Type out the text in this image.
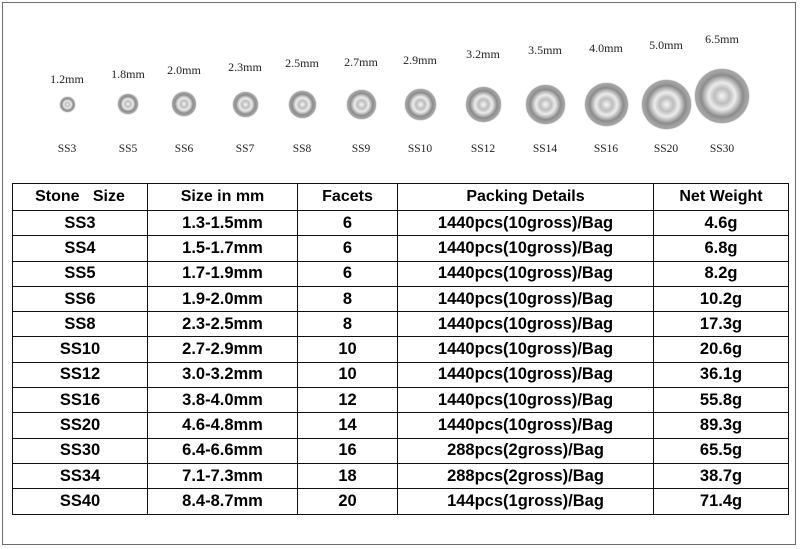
1.2mm
SS3
1.8mm
SS5
2.0mm
SS6
2.3mm
SS7
2.5mm
SS8
2.7mm
SS9
2.9mm
SS10
3.2mm
SS12
3.5mm
SS14
4.0mm
SS16
5.0mm
SS20
6.5mm
SS30
Stone   Size	Size in mm	Facets	Packing Details	Net Weight
SS3	1.3-1.5mm	6	1440pcs(10gross)/Bag	4.6g
SS4	1.5-1.7mm	6	1440pcs(10gross)/Bag	6.8g
SS5	1.7-1.9mm	6	1440pcs(10gross)/Bag	8.2g
SS6	1.9-2.0mm	8	1440pcs(10gross)/Bag	10.2g
SS8	2.3-2.5mm	8	1440pcs(10gross)/Bag	17.3g
SS10	2.7-2.9mm	10	1440pcs(10gross)/Bag	20.6g
SS12	3.0-3.2mm	10	1440pcs(10gross)/Bag	36.1g
SS16	3.8-4.0mm	12	1440pcs(10gross)/Bag	55.8g
SS20	4.6-4.8mm	14	1440pcs(10gross)/Bag	89.3g
SS30	6.4-6.6mm	16	288pcs(2gross)/Bag	65.5g
SS34	7.1-7.3mm	18	288pcs(2gross)/Bag	38.7g
SS40	8.4-8.7mm	20	144pcs(1gross)/Bag	71.4g
